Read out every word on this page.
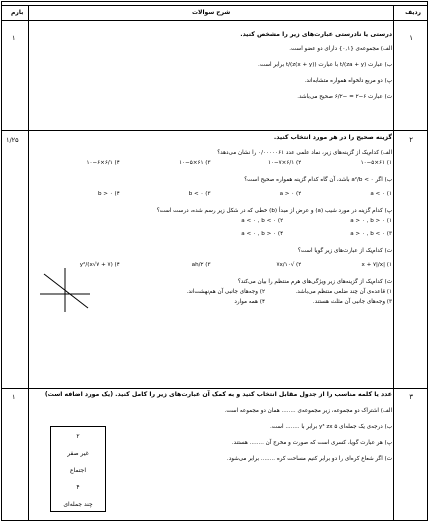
ردیف
شرح سوالات
بارم
۱
۱	درستی یا نادرستی عبارت‌های زیر را مشخص کنید.
الف) مجموعه‌ی {۰,۱} دارای دو عضو است.
ب) عبارت (za + y)/t با عبارت (z(x + y))/t برابر است.
پ) دو مربع دلخواه همواره متشابه‌اند.
ت) عبارت ۶−۲ = −۶/۲ صحیح می‌باشد.
۲
۱/۲۵	گزینه صحیح را در هر مورد انتخاب کنید.
الف) کدام‌یک از گزینه‌های زیر، نماد علمی عدد ۰/۰۰۰۰۰۶۱ را نشان می‌دهد؟
۱) ۶۱×۱۰−۵
۲) ۶/۱×۱۰−۷
۳) ۶۱×۱۰−۵
۴) ۶/۱×۱۰−۶
ب) اگر ۰ > a²/b باشد، آن گاه کدام گزینه همواره صحیح است؟
۱) a < ۰
۲) a > ۰
۳) b < ۰
۴) b > ۰
پ) کدام گزینه در مورد شیب (a) و عرض از مبدأ (b) خطی که در شکل زیر رسم شده، درست است؟
۱) a > ۰ , b > ۰
۲) a < ۰ , b < ۰
۳) a > ۰ , b < ۰
۴) a < ۰ , b > ۰
ت) کدام‌یک از عبارت‌های زیر گویا است؟
۱) |x + ۷|/x
۲) √۷x/۱۰
۳) ah/۲
۴) (x√۷ + ۷)/y²
ث) کدام‌یک از گزینه‌های زیر ویژگی‌های هرم منتظم را بیان می‌کند؟
۱) قاعده‌ی آن چند ضلعی منتظم می‌باشد.
۲) وجه‌های جانبی آن هم‌نهشت‌اند.
۳) وجه‌های جانبی آن مثلث هستند.
۴) همه موارد
۳
۱	عدد یا کلمه مناسب را از جدول مقابل انتخاب کنید و به کمک آن عبارت‌های زیر را کامل کنید. (یک مورد اضافه است)
الف) اشتراک دو مجموعه، زیر مجموعه‌ی ........ همان دو مجموعه است.
ب) درجه‌ی یک جمله‌ای y³ zx ۵ برابر با ........ است.
پ) هر عبارت گویا، کسری است که صورت و مخرج آن ........ هستند.
ت) اگر شعاع کره‌ای را دو برابر کنیم مساحت کره ........ برابر می‌شود.
۲
غیر صفر
اجتماع
۴
چند جمله‌ای
